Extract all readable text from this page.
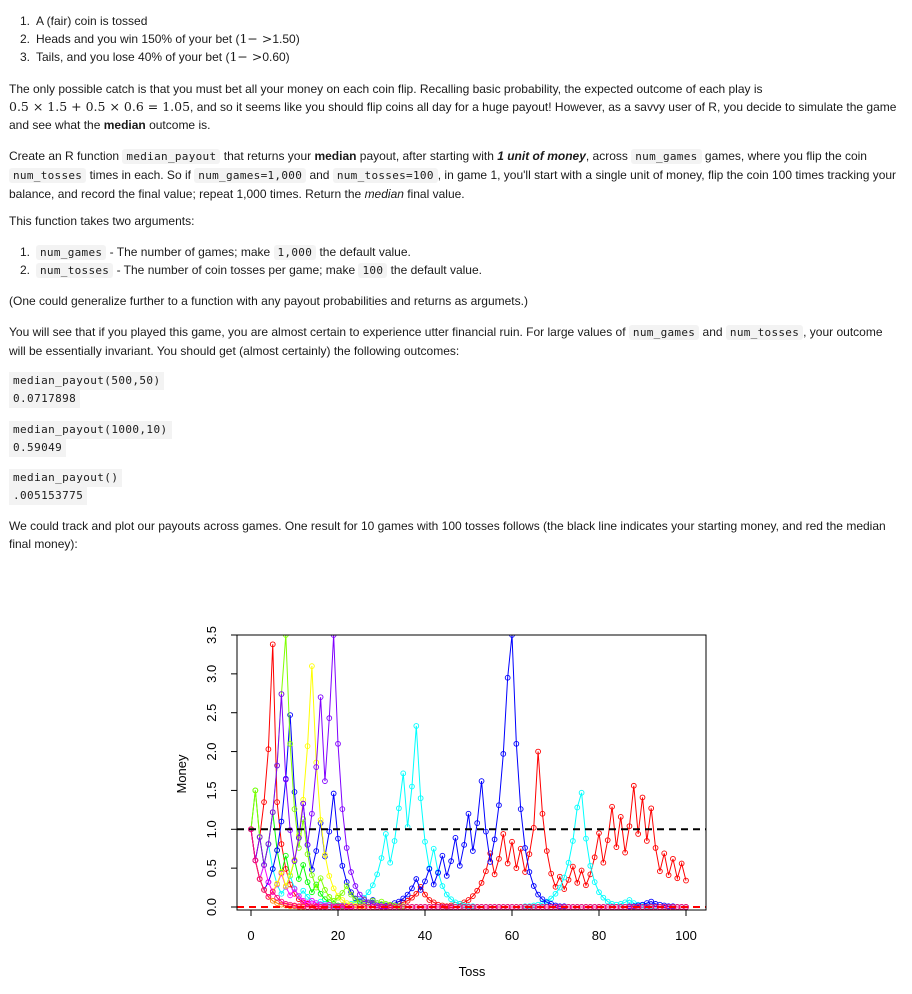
1. A (fair) coin is tossed
2. Heads and you win 150% of your bet (1− >1.50)
3. Tails, and you lose 40% of your bet (1− >0.60)

The only possible catch is that you must bet all your money on each coin flip. Recalling basic probability, the expected outcome of each play is
0.5 × 1.5 + 0.5 × 0.6 = 1.05, and so it seems like you should flip coins all day for a huge payout! However, as a savvy user of R, you decide to simulate the game and see what the median outcome is.

Create an R function median_payout that returns your median payout, after starting with 1 unit of money, across num_games games, where you flip the coin num_tosses times in each. So if num_games=1,000 and num_tosses=100 , in game 1, you'll start with a single unit of money, flip the coin 100 times tracking your balance, and record the final value; repeat 1,000 times. Return the median final value.

This function takes two arguments:

1. num_games - The number of games; make 1,000 the default value.
2. num_tosses - The number of coin tosses per game; make 100 the default value.

(One could generalize further to a function with any payout probabilities and returns as argumets.)

You will see that if you played this game, you are almost certain to experience utter financial ruin. For large values of num_games and num_tosses , your outcome will be essentially invariant. You should get (almost certainly) the following outcomes:

median_payout(500,50)
0.0717898
median_payout(1000,10)
0.59049
median_payout()
.005153775

We could track and plot our payouts across games. One result for 10 games with 100 tosses follows (the black line indicates your starting money, and red the median final money):

0	20	40	60	80	100
0.0
0.5
1.0
1.5
2.0
2.5
3.0
3.5
Toss
Money
